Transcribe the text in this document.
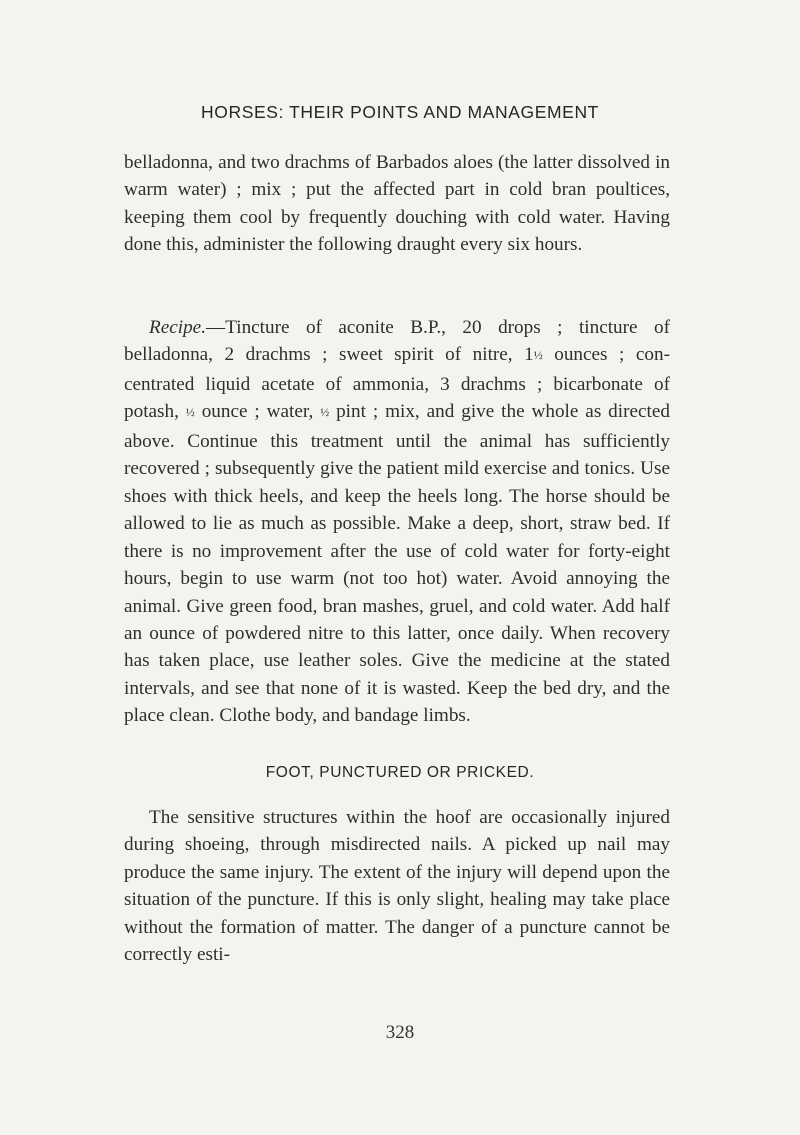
HORSES: THEIR POINTS AND MANAGEMENT

belladonna, and two drachms of Barbados aloes (the latter dissolved in warm water) ; mix ; put the affected part in cold bran poultices, keeping them cool by frequently douching with cold water. Having done this, administer the following draught every six hours.

Recipe.—Tincture of aconite B.P., 20 drops ; tincture of belladonna, 2 drachms ; sweet spirit of nitre, 1½ ounces ; con- centrated liquid acetate of ammonia, 3 drachms ; bicarbonate of potash, ½ ounce ; water, ½ pint ; mix, and give the whole as directed above. Continue this treatment until the animal has sufficiently recovered ; subsequently give the patient mild exercise and tonics. Use shoes with thick heels, and keep the heels long. The horse should be allowed to lie as much as possible. Make a deep, short, straw bed. If there is no improvement after the use of cold water for forty-eight hours, begin to use warm (not too hot) water. Avoid annoying the animal. Give green food, bran mashes, gruel, and cold water. Add half an ounce of powdered nitre to this latter, once daily. When recovery has taken place, use leather soles. Give the medicine at the stated intervals, and see that none of it is wasted. Keep the bed dry, and the place clean. Clothe body, and bandage limbs.

FOOT, PUNCTURED OR PRICKED.

The sensitive structures within the hoof are occasionally injured during shoeing, through misdirected nails. A picked up nail may produce the same injury. The extent of the injury will depend upon the situation of the puncture. If this is only slight, healing may take place without the formation of matter. The danger of a puncture cannot be correctly esti-

328
